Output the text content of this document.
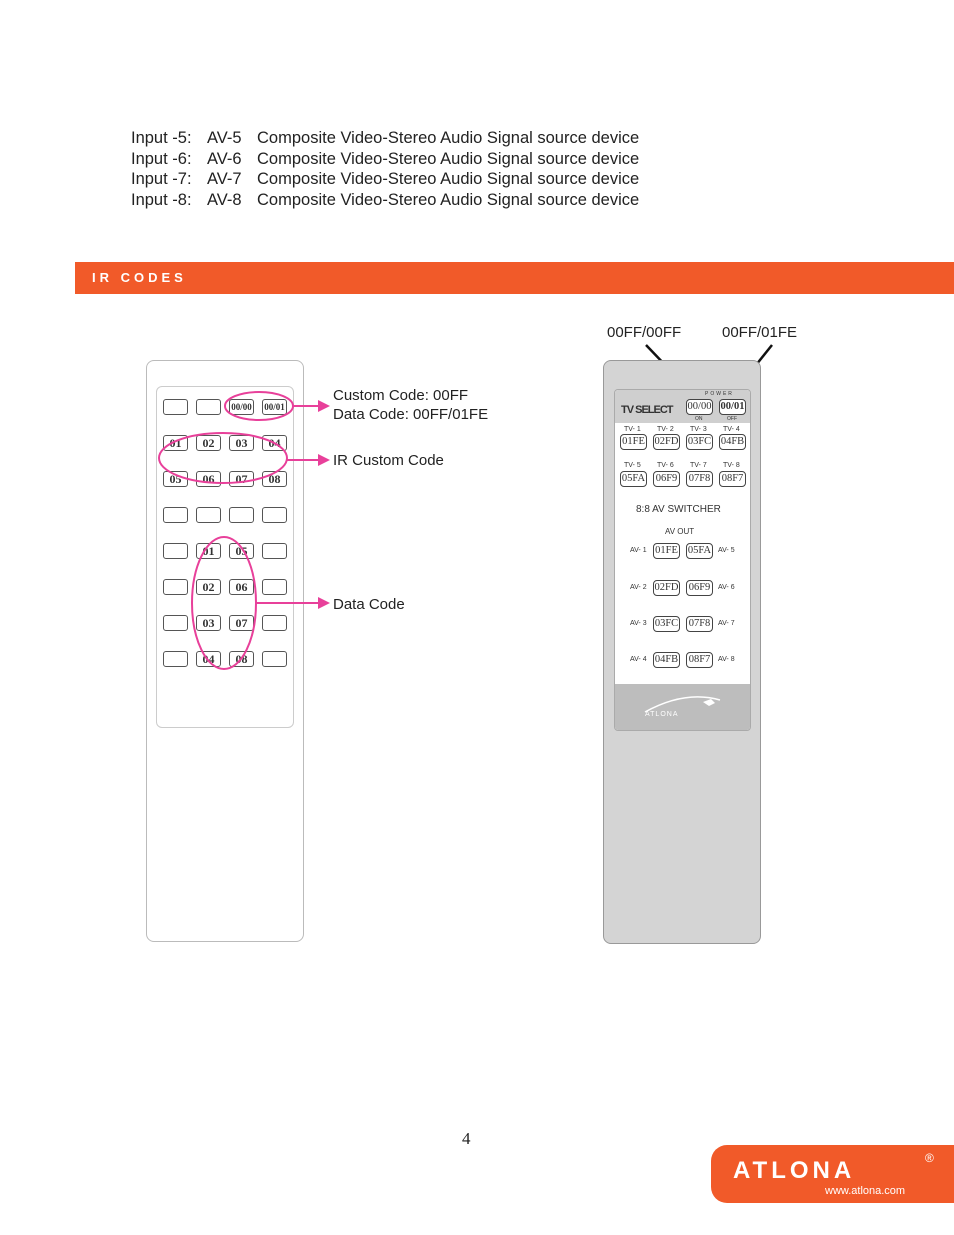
Input -5: AV-5 Composite Video-Stereo Audio Signal source device
Input -6: AV-6 Composite Video-Stereo Audio Signal source device
Input -7: AV-7 Composite Video-Stereo Audio Signal source device
Input -8: AV-8 Composite Video-Stereo Audio Signal source device
IR CODES
00/00 00/01
01	02	03	04
05	06	07	08
01	05
02	06
03	07
04	08
Custom Code: 00FF
Data Code: 00FF/01FE
IR Custom Code
Data Code
00FF/00FF	00FF/01FE
POWER
TV SELECT 00/00 00/01
ON	OFF
TV- 1 TV- 2 TV- 3 TV- 4
01FE 02FD 03FC 04FB
TV- 5 TV- 6 TV- 7 TV- 8
05FA 06F9 07F8 08F7
8:8 AV SWITCHER
AV OUT
AV- 1 01FE 05FA AV- 5
AV- 2 02FD 06F9	AV- 6
AV- 3 03FC 07F8	AV- 7
AV- 4 04FB 08F7	AV- 8
ATLONA
4
ATLONA	®
www.atlona.com
